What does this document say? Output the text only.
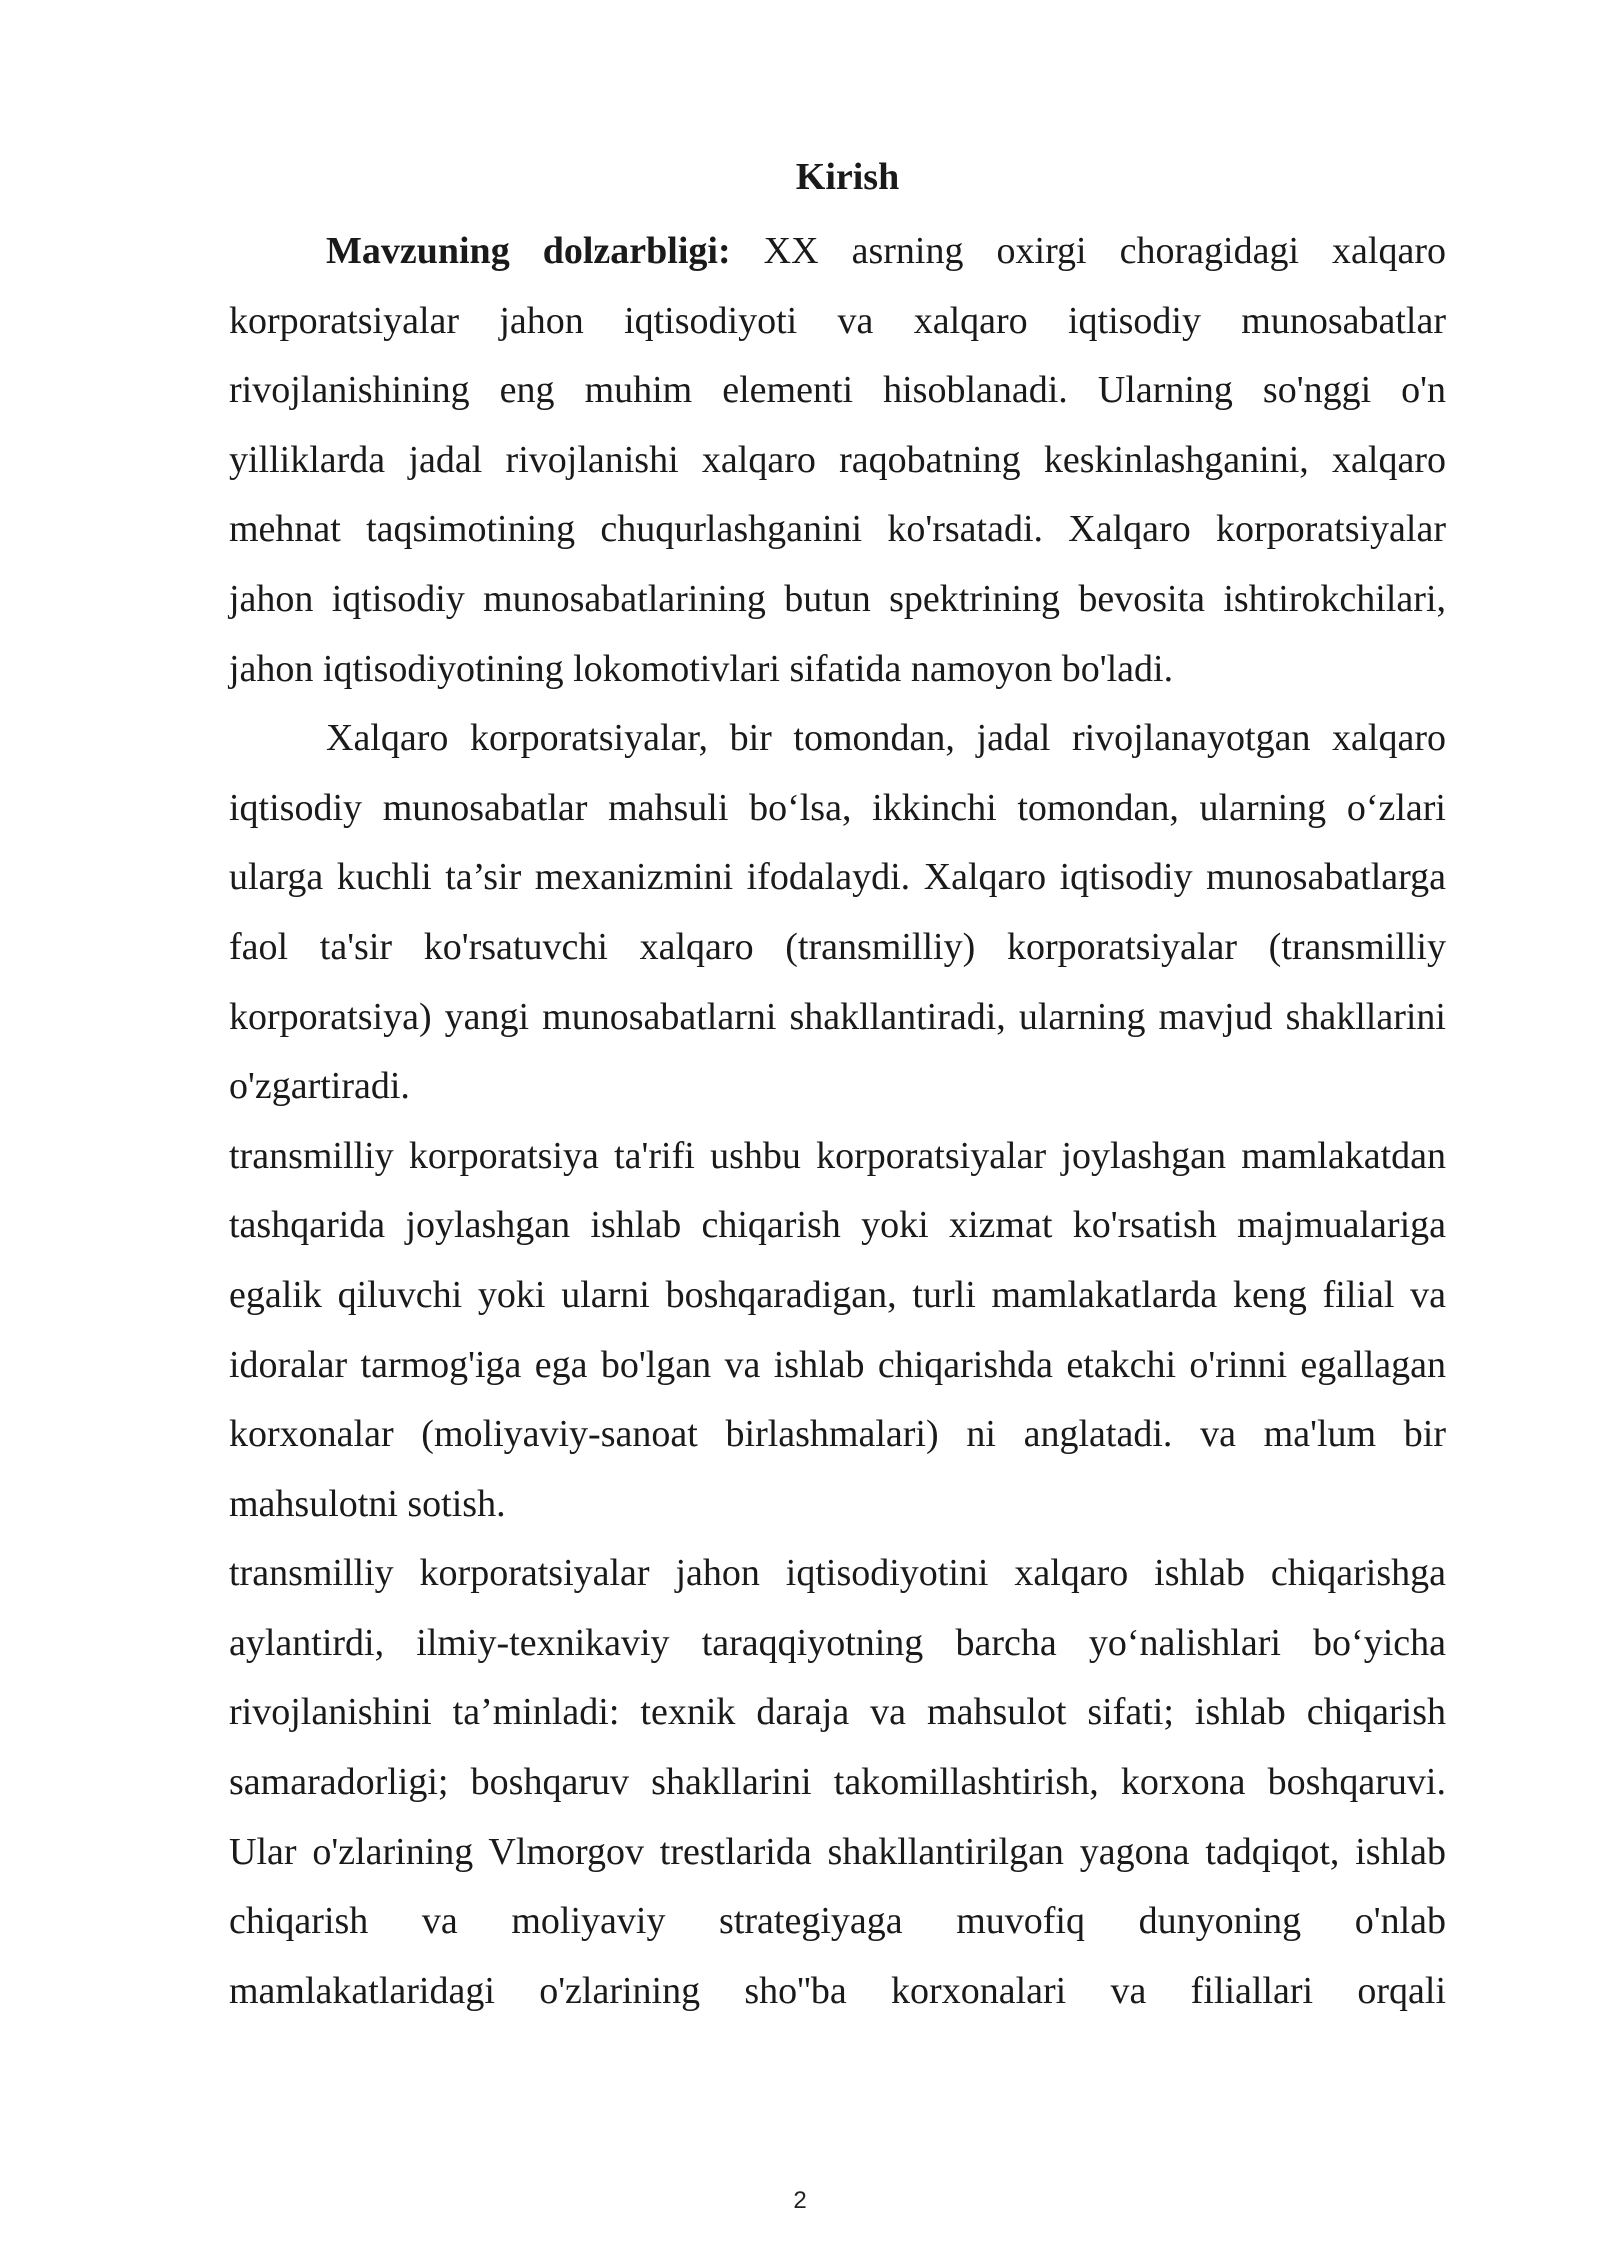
Kirish

Mavzuning dolzarbligi: XX asrning oxirgi choragidagi xalqaro korporatsiyalar jahon iqtisodiyoti va xalqaro iqtisodiy munosabatlar rivojlanishining eng muhim elementi hisoblanadi. Ularning so'nggi o'n yilliklarda jadal rivojlanishi xalqaro raqobatning keskinlashganini, xalqaro mehnat taqsimotining chuqurlashganini ko'rsatadi. Xalqaro korporatsiyalar jahon iqtisodiy munosabatlarining butun spektrining bevosita ishtirokchilari, jahon iqtisodiyotining lokomotivlari sifatida namoyon bo'ladi.

Xalqaro korporatsiyalar, bir tomondan, jadal rivojlanayotgan xalqaro iqtisodiy munosabatlar mahsuli bo‘lsa, ikkinchi tomondan, ularning o‘zlari ularga kuchli ta’sir mexanizmini ifodalaydi. Xalqaro iqtisodiy munosabatlarga faol ta'sir ko'rsatuvchi xalqaro (transmilliy) korporatsiyalar (transmilliy korporatsiya) yangi munosabatlarni shakllantiradi, ularning mavjud shakllarini o'zgartiradi.

transmilliy korporatsiya ta'rifi ushbu korporatsiyalar joylashgan mamlakatdan tashqarida joylashgan ishlab chiqarish yoki xizmat ko'rsatish majmualariga egalik qiluvchi yoki ularni boshqaradigan, turli mamlakatlarda keng filial va idoralar tarmog'iga ega bo'lgan va ishlab chiqarishda etakchi o'rinni egallagan korxonalar (moliyaviy-sanoat birlashmalari) ni anglatadi. va ma'lum bir mahsulotni sotish.

transmilliy korporatsiyalar jahon iqtisodiyotini xalqaro ishlab chiqarishga aylantirdi, ilmiy-texnikaviy taraqqiyotning barcha yo‘nalishlari bo‘yicha rivojlanishini ta’minladi: texnik daraja va mahsulot sifati; ishlab chiqarish samaradorligi; boshqaruv shakllarini takomillashtirish, korxona boshqaruvi. Ular o'zlarining Vlmorgov trestlarida shakllantirilgan yagona tadqiqot, ishlab chiqarish va moliyaviy strategiyaga muvofiq dunyoning o'nlab mamlakatlaridagi o'zlarining sho''ba korxonalari va filiallari orqali

2
